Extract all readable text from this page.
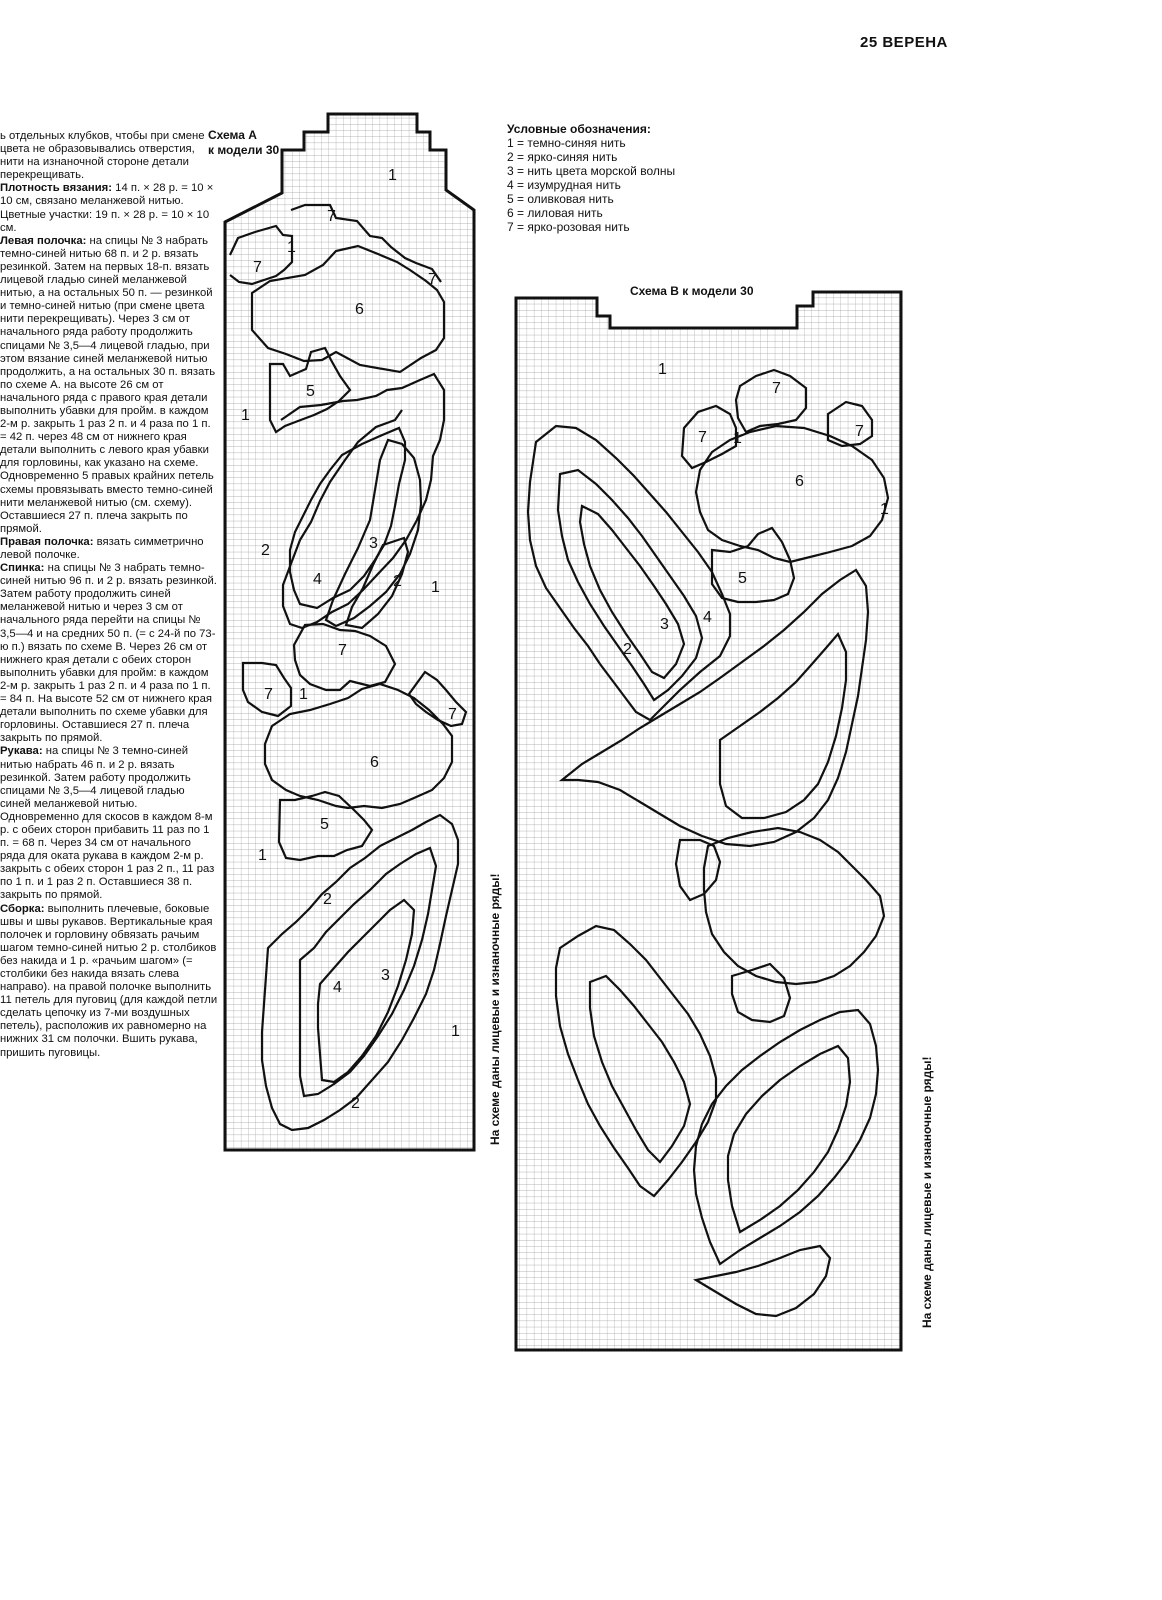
25 ВЕРЕНА

ь отдельных клубков, чтобы при смене цвета не образовывались отверстия, нити на изнаночной стороне детали перекрещивать.

Плотность вязания: 14 п. × 28 р. = 10 × 10 см, связано меланжевой нитью. Цветные участки: 19 п. × 28 р. = 10 × 10 см.

Левая полочка: на спицы № 3 набрать темно-синей нитью 68 п. и 2 р. вязать резинкой. Затем на первых 18-п. вязать лицевой гладью синей меланжевой нитью, а на остальных 50 п. — резинкой и темно-синей нитью (при смене цвета нити перекрещивать). Через 3 см от начального ряда работу продолжить спицами № 3,5—4 лицевой гладью, при этом вязание синей меланжевой нитью продолжить, а на остальных 30 п. вязать по схеме А. на высоте 26 см от начального ряда с правого края детали выполнить убавки для пройм. в каждом 2-м р. закрыть 1 раз 2 п. и 4 раза по 1 п. = 42 п. через 48 см от нижнего края детали выполнить с левого края убавки для горловины, как указано на схеме. Одновременно 5 правых крайних петель схемы провязывать вместо темно-синей нити меланжевой нитью (см. схему). Оставшиеся 27 п. плеча закрыть по прямой.

Правая полочка: вязать симметрично левой полочке.

Спинка: на спицы № 3 набрать темно-синей нитью 96 п. и 2 р. вязать резинкой. Затем работу продолжить синей меланжевой нитью и через 3 см от начального ряда перейти на спицы № 3,5—4 и на средних 50 п. (= с 24-й по 73-ю п.) вязать по схеме В. Через 26 см от нижнего края детали с обеих сторон выполнить убавки для пройм: в каждом 2-м р. закрыть 1 раз 2 п. и 4 раза по 1 п. = 84 п. На высоте 52 см от нижнего края детали выполнить по схеме убавки для горловины. Оставшиеся 27 п. плеча закрыть по прямой.

Рукава: на спицы № 3 темно-синей нитью набрать 46 п. и 2 р. вязать резинкой. Затем работу продолжить спицами № 3,5—4 лицевой гладью синей меланжевой нитью. Одновременно для скосов в каждом 8-м р. с обеих сторон прибавить 11 раз по 1 п. = 68 п. Через 34 см от начального ряда для оката рукава в каждом 2-м р. закрыть с обеих сторон 1 раз 2 п., 11 раз по 1 п. и 1 раз 2 п. Оставшиеся 38 п. закрыть по прямой.

Сборка: выполнить плечевые, боковые швы и швы рукавов. Вертикальные края полочек и горловину обвязать рачьим шагом темно-синей нитью 2 р. столбиков без накида и 1 р. «рачьим шагом» (= столбики без накида вязать слева направо). на правой полочке выполнить 11 петель для пуговиц (для каждой петли сделать цепочку из 7-ми воздушных петель), расположив их равномерно на нижних 31 см полочки. Вшить рукава, пришить пуговицы.

Схема А
к модели 30
Условные обозначения:
1 = темно-синяя нить
2 = ярко-синяя нить
3 = нить цвета морской волны
4 = изумрудная нить
5 = оливковая нить
6 = лиловая нить
7 = ярко-розовая нить
Схема В к модели 30
На схеме даны лицевые и изнаночные ряды!
На схеме даны лицевые и изнаночные ряды!
1
7
1
7
7
6
5
1
2	3
4	2 1
7
7 1
7
6
5
1
2
3
4
1
2
1
7
7 1	7
6
1
5
3 4
2
